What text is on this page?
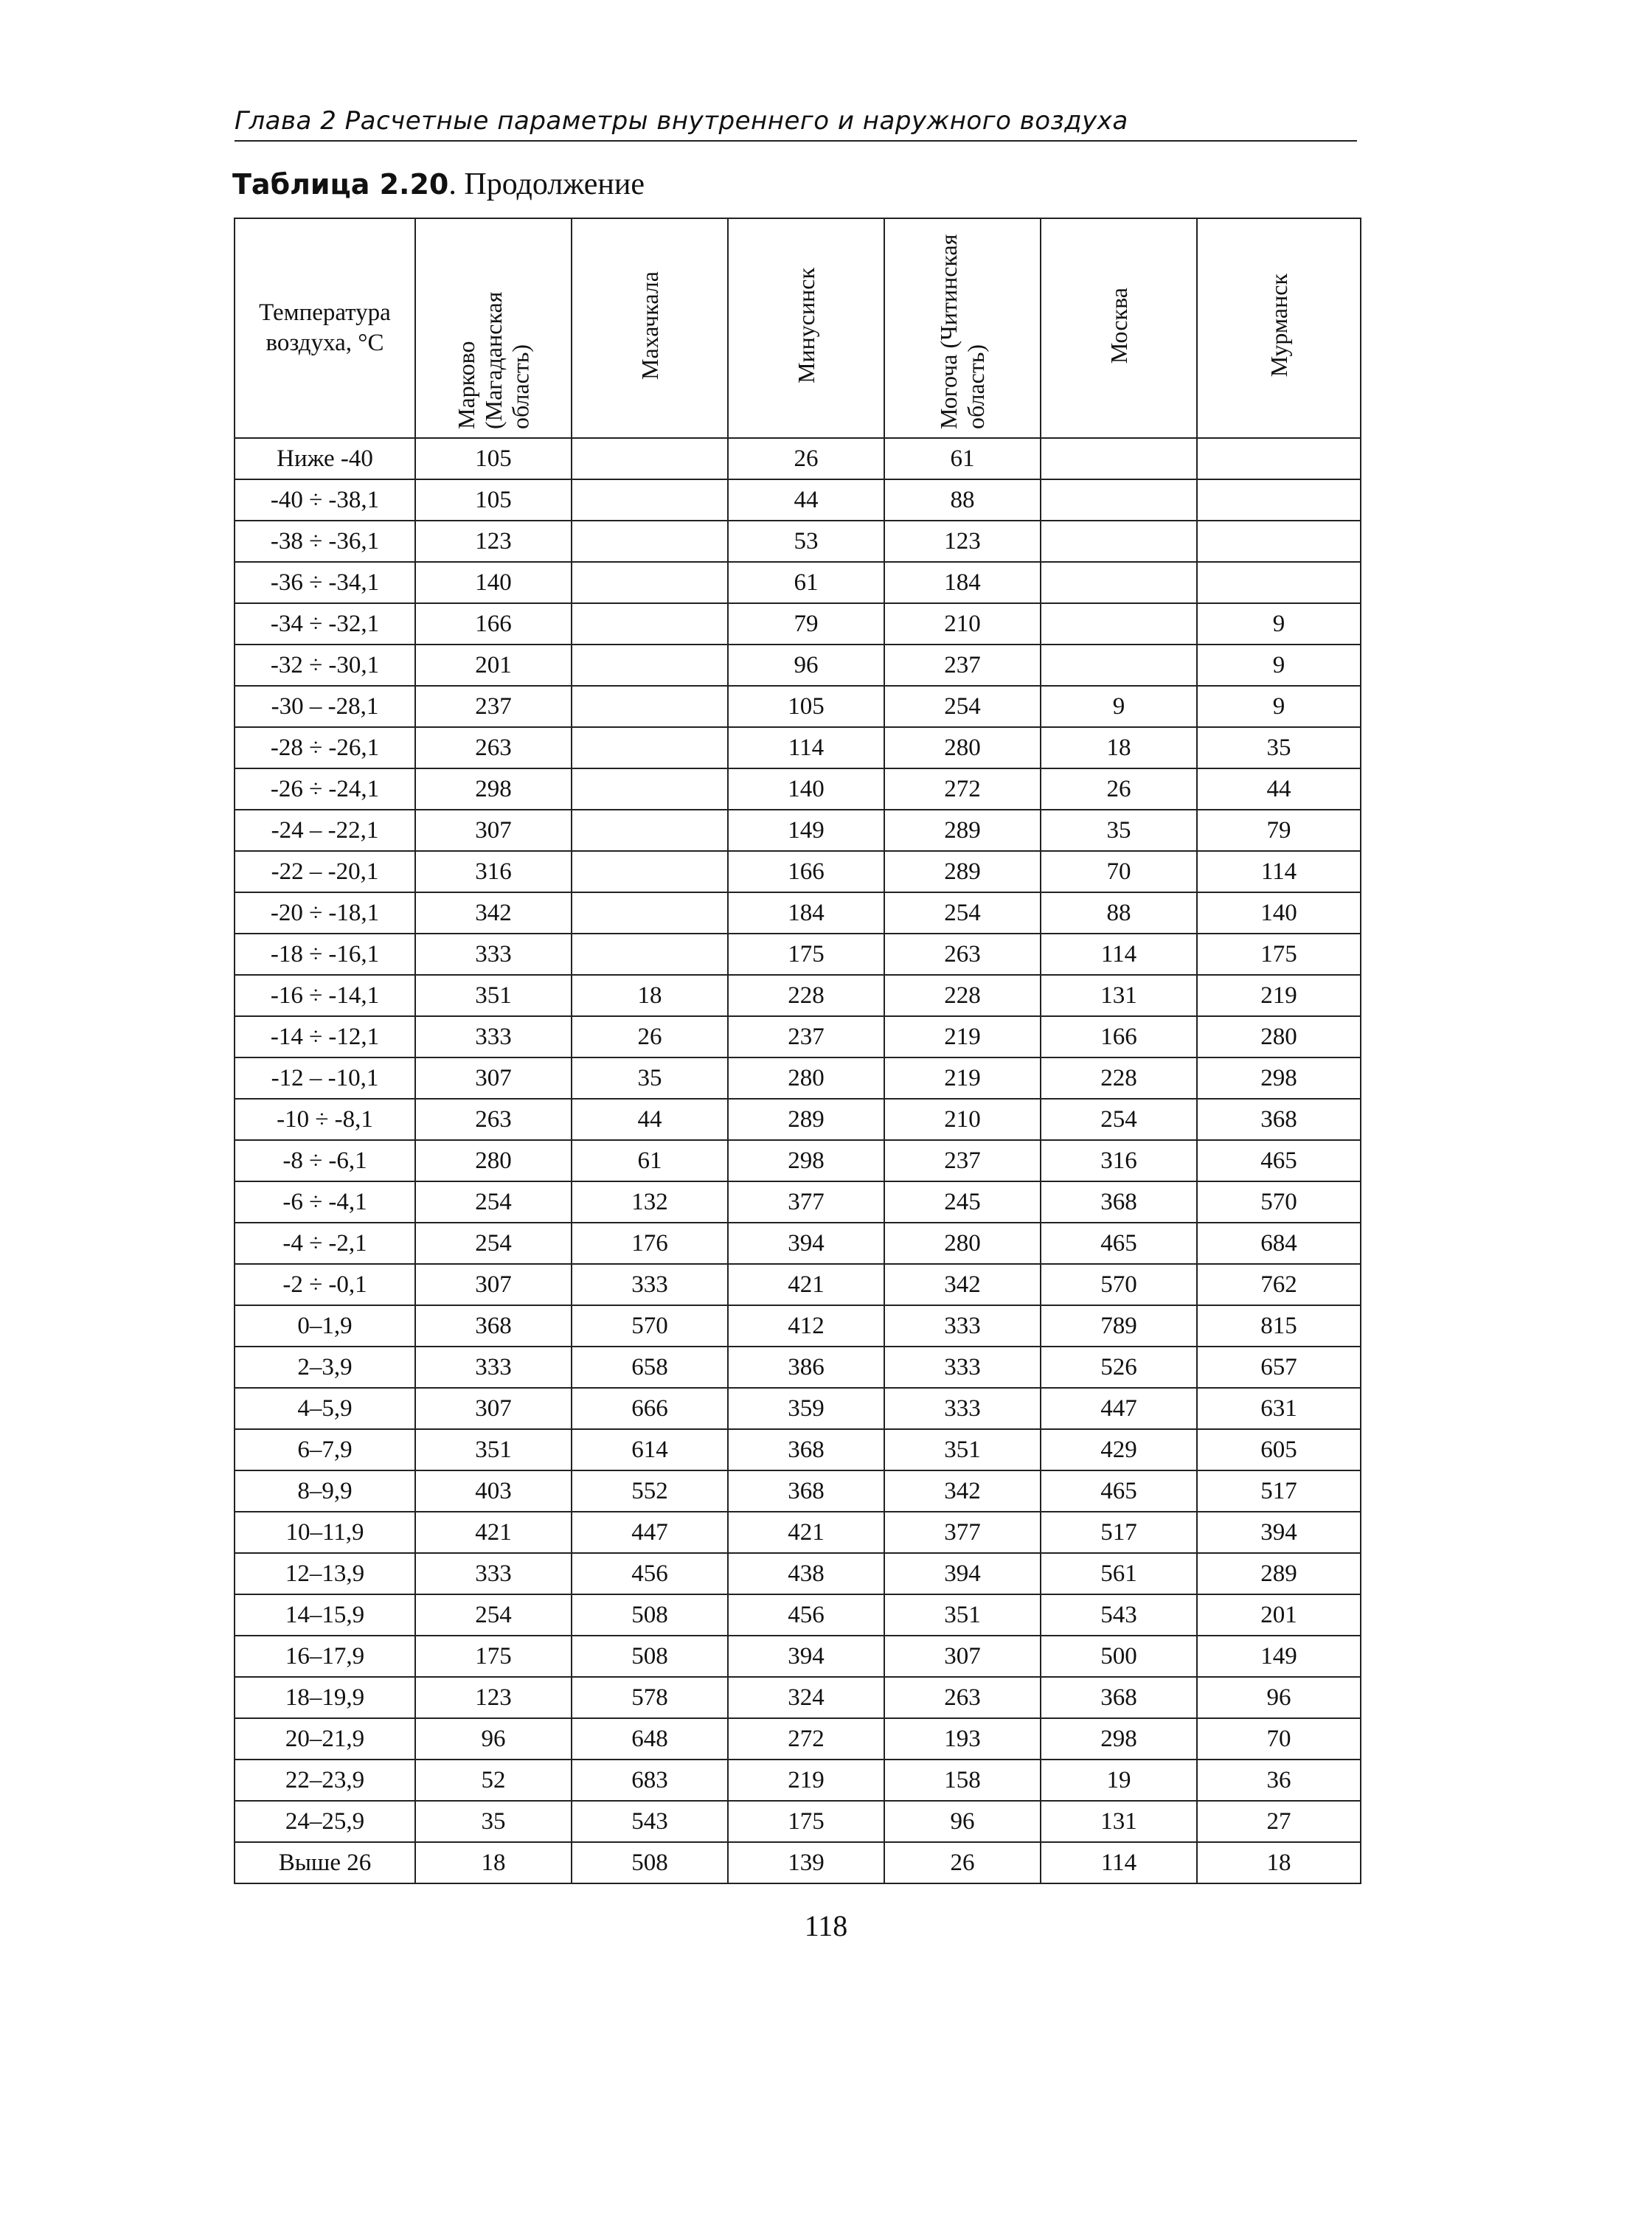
Глава 2 Расчетные параметры внутреннего и наружного воздуха
Таблица 2.20. Продолжение
Температура воздуха, °С	Марково (Магаданская область)	Махачкала	Минусинск	Могоча (Читинская область)	Москва	Мурманск
Ниже -40	105		26	61		
-40 ÷ -38,1	105		44	88		
-38 ÷ -36,1	123		53	123		
-36 ÷ -34,1	140		61	184		
-34 ÷ -32,1	166		79	210		9
-32 ÷ -30,1	201		96	237		9
-30 – -28,1	237		105	254	9	9
-28 ÷ -26,1	263		114	280	18	35
-26 ÷ -24,1	298		140	272	26	44
-24 – -22,1	307		149	289	35	79
-22 – -20,1	316		166	289	70	114
-20 ÷ -18,1	342		184	254	88	140
-18 ÷ -16,1	333		175	263	114	175
-16 ÷ -14,1	351	18	228	228	131	219
-14 ÷ -12,1	333	26	237	219	166	280
-12 – -10,1	307	35	280	219	228	298
-10 ÷ -8,1	263	44	289	210	254	368
-8 ÷ -6,1	280	61	298	237	316	465
-6 ÷ -4,1	254	132	377	245	368	570
-4 ÷ -2,1	254	176	394	280	465	684
-2 ÷ -0,1	307	333	421	342	570	762
0–1,9	368	570	412	333	789	815
2–3,9	333	658	386	333	526	657
4–5,9	307	666	359	333	447	631
6–7,9	351	614	368	351	429	605
8–9,9	403	552	368	342	465	517
10–11,9	421	447	421	377	517	394
12–13,9	333	456	438	394	561	289
14–15,9	254	508	456	351	543	201
16–17,9	175	508	394	307	500	149
18–19,9	123	578	324	263	368	96
20–21,9	96	648	272	193	298	70
22–23,9	52	683	219	158	19	36
24–25,9	35	543	175	96	131	27
Выше 26	18	508	139	26	114	18
118
